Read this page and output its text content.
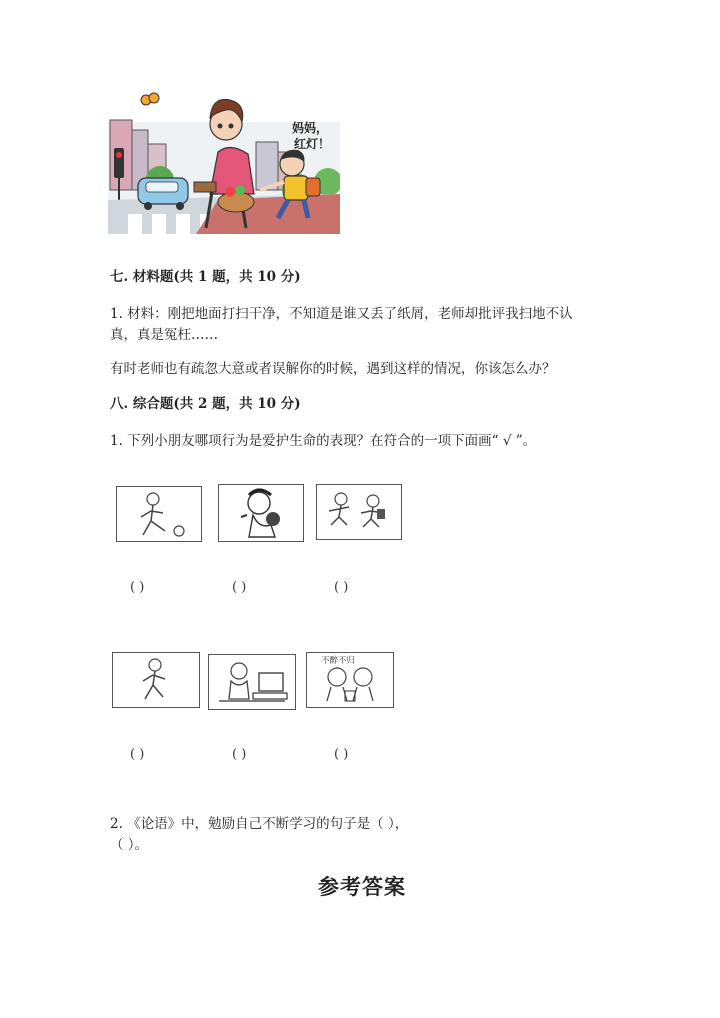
妈妈，
红灯！
七. 材料题(共 1 题，共 10 分)
1. 材料：刚把地面打扫干净，不知道是谁又丢了纸屑，老师却批评我扫地不认
真，真是冤枉……
有时老师也有疏忽大意或者误解你的时候，遇到这样的情况，你该怎么办？
八. 综合题(共 2 题，共 10 分)
1. 下列小朋友哪项行为是爱护生命的表现？在符合的一项下面画“ √ ”。
( )	( )	( )
不醉不归
( )	( )	( )
2. 《论语》中，勉励自己不断学习的句子是（ ），
（ ）。
参考答案
